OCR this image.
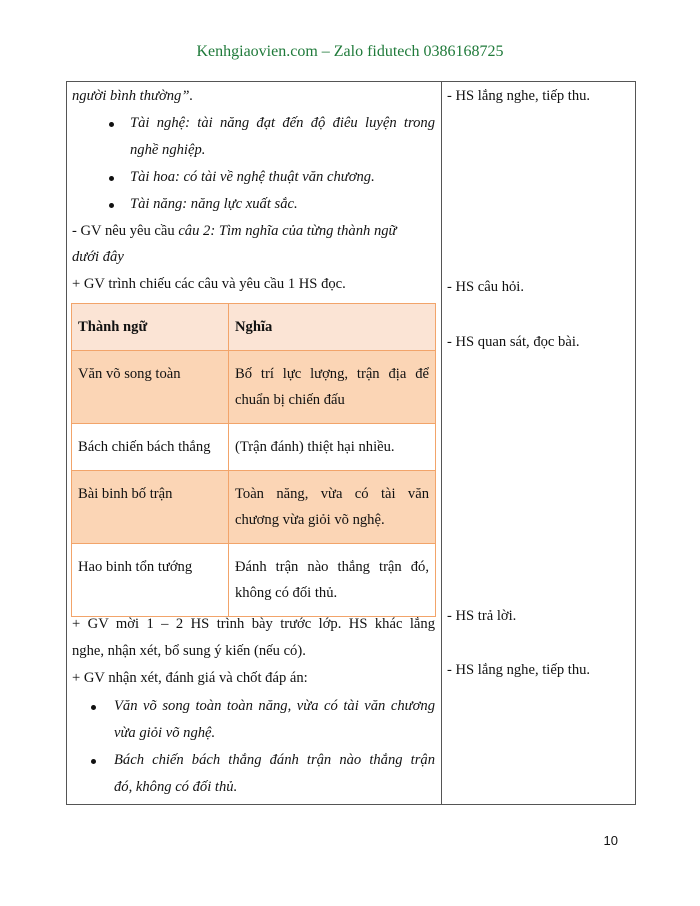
Kenhgiaovien.com – Zalo fidutech 0386168725
người bình thường”.
Tài nghệ: tài năng đạt đến độ điêu luyện trong
nghề nghiệp.
Tài hoa: có tài về nghệ thuật văn chương.
Tài năng: năng lực xuất sắc.
- GV nêu yêu cầu câu 2: Tìm nghĩa của từng thành ngữ
dưới đây
+ GV trình chiếu các câu và yêu cầu 1 HS đọc.
Thành ngữ	Nghĩa
Văn võ song toàn	Bố trí lực lượng, trận địa để chuẩn bị chiến đấu
Bách chiến bách thắng	(Trận đánh) thiệt hại nhiều.
Bài binh bố trận	Toàn năng, vừa có tài văn chương vừa giỏi võ nghệ.
Hao binh tổn tướng	Đánh trận nào thắng trận đó, không có đối thủ.
+ GV mời 1 – 2 HS trình bày trước lớp. HS khác lắng
nghe, nhận xét, bổ sung ý kiến (nếu có).
+ GV nhận xét, đánh giá và chốt đáp án:
Văn võ song toàn toàn năng, vừa có tài văn chương
vừa giỏi võ nghệ.
Bách chiến bách thắng đánh trận nào thắng trận
đó, không có đối thủ.
- HS lắng nghe, tiếp thu.
- HS câu hỏi.
- HS quan sát, đọc bài.
- HS trả lời.
- HS lắng nghe, tiếp thu.
10
